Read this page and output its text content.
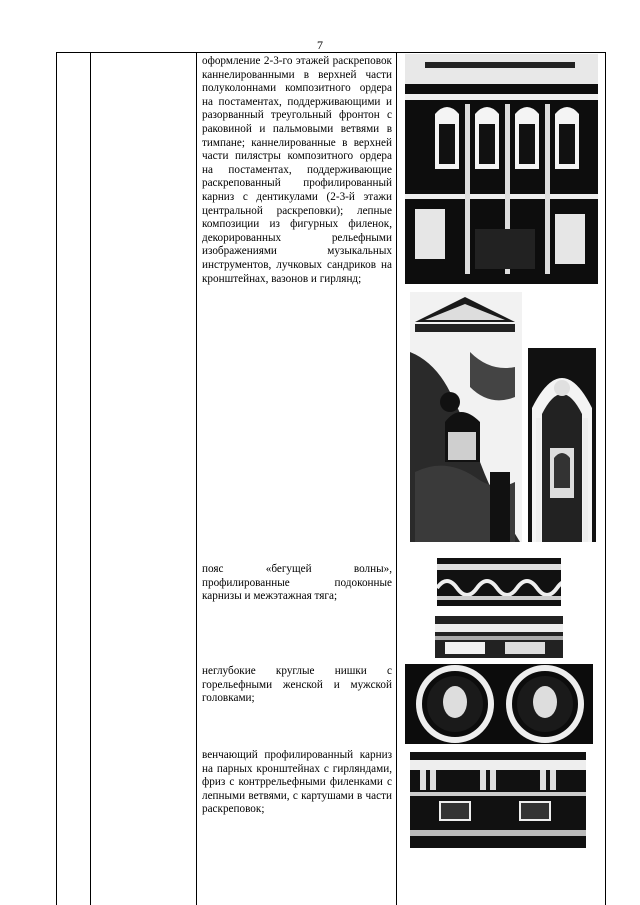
7

оформление 2-3-го этажей раскреповок каннелированными в верхней части полуколоннами композитного ордера на постаментах, поддерживающими и разорванный треугольный фронтон с раковиной и пальмовыми ветвями в тимпане; каннелированные в верхней части пилястры композитного ордера на постаментах, поддерживающие раскрепованный профилированный карниз с дентикулами (2-3-й этажи центральной раскреповки); лепные композиции из фигурных филенок, декорированных рельефными изображениями музыкальных инструментов, лучковых сандриков на кронштейнах, вазонов и гирлянд;

пояс «бегущей волны», профилированные подоконные карнизы и межэтажная тяга;

неглубокие круглые нишки с горельефными женской и мужской головками;

венчающий профилированный карниз на парных кронштейнах с гирляндами, фриз с контррельефными филенками с лепными ветвями, с картушами в части раскреповок;
